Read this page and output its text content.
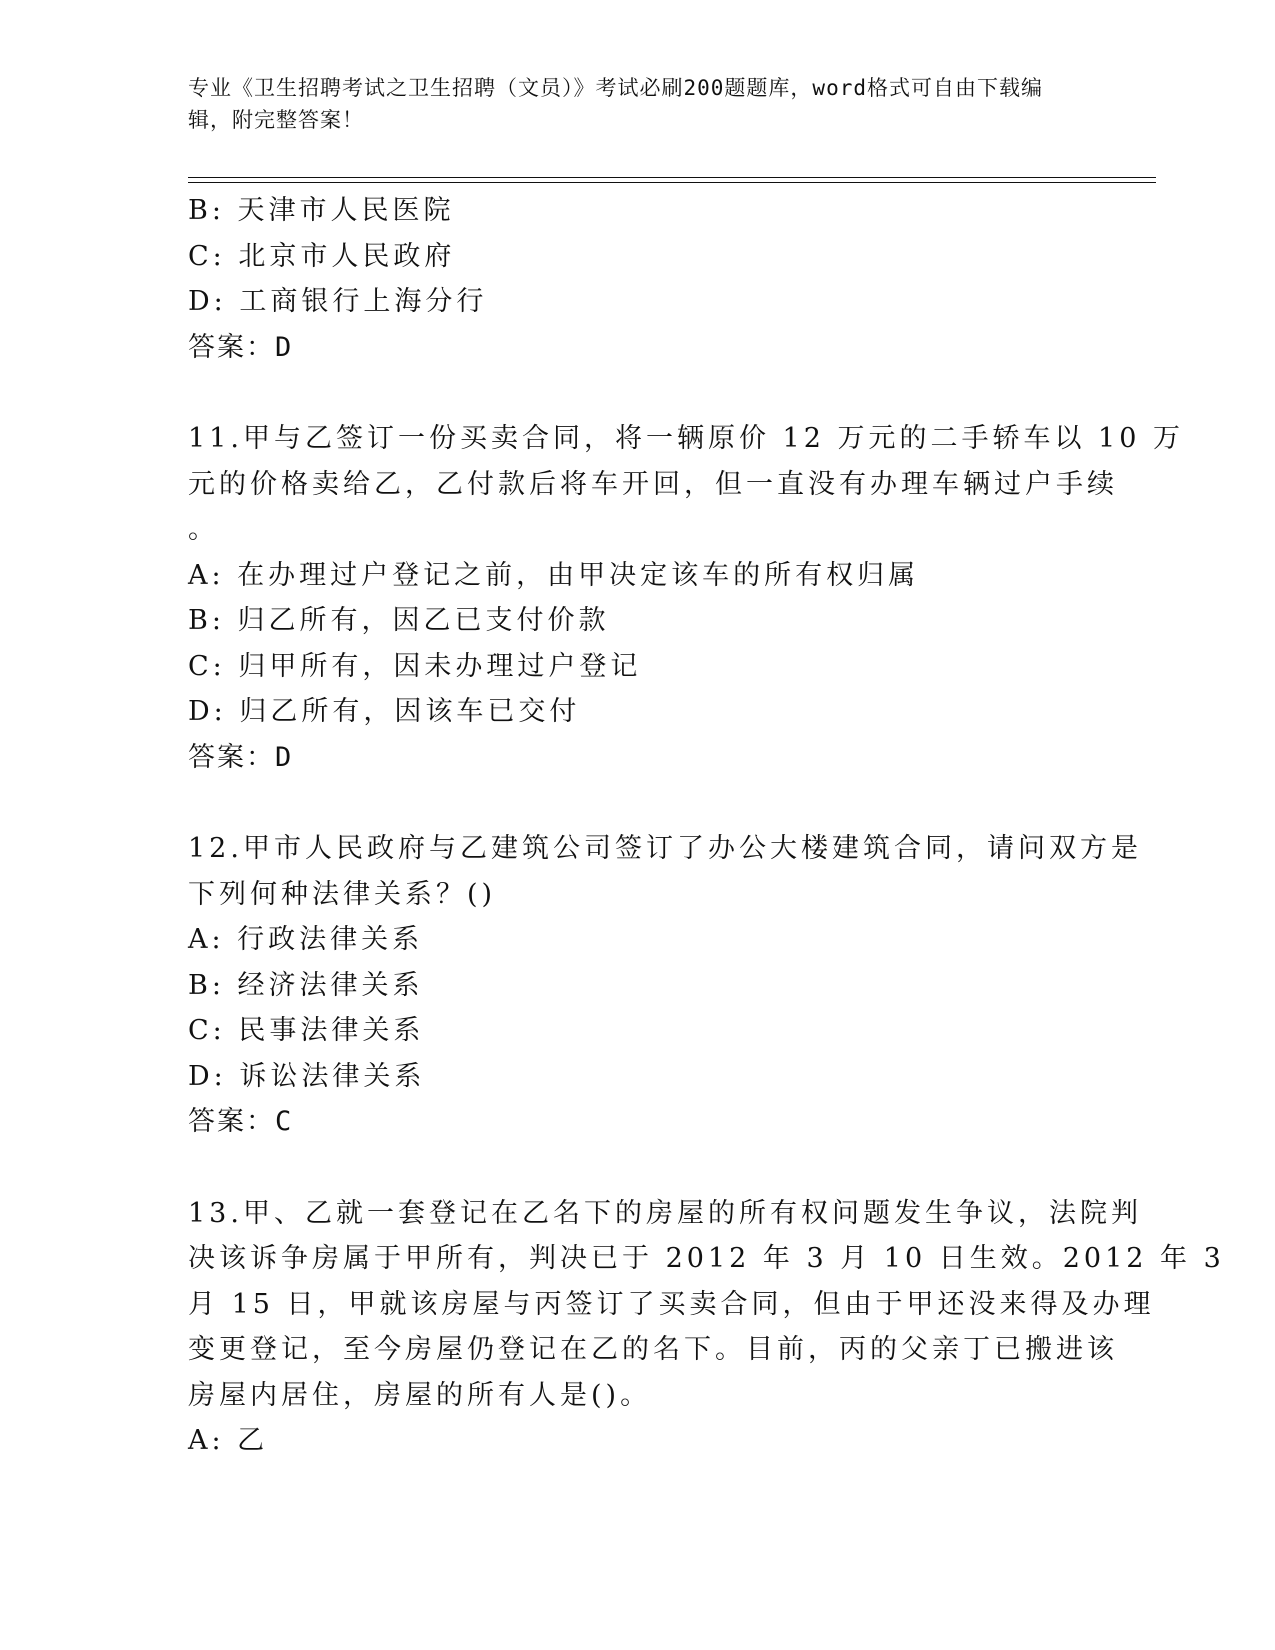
专业《卫生招聘考试之卫生招聘（文员）》考试必刷200题题库，word格式可自由下载编辑，附完整答案！
B: 天津市人民医院
C: 北京市人民政府
D: 工商银行上海分行
答案：D
11.甲与乙签订一份买卖合同，将一辆原价 12 万元的二手轿车以 10 万
元的价格卖给乙，乙付款后将车开回，但一直没有办理车辆过户手续
。
A: 在办理过户登记之前，由甲决定该车的所有权归属
B: 归乙所有，因乙已支付价款
C: 归甲所有，因未办理过户登记
D: 归乙所有，因该车已交付
答案：D
12.甲市人民政府与乙建筑公司签订了办公大楼建筑合同，请问双方是
下列何种法律关系？()
A: 行政法律关系
B: 经济法律关系
C: 民事法律关系
D: 诉讼法律关系
答案：C
13.甲、乙就一套登记在乙名下的房屋的所有权问题发生争议，法院判
决该诉争房属于甲所有，判决已于 2012 年 3 月 10 日生效。2012 年 3
月 15 日，甲就该房屋与丙签订了买卖合同，但由于甲还没来得及办理
变更登记，至今房屋仍登记在乙的名下。目前，丙的父亲丁已搬进该
房屋内居住，房屋的所有人是()。
A: 乙
